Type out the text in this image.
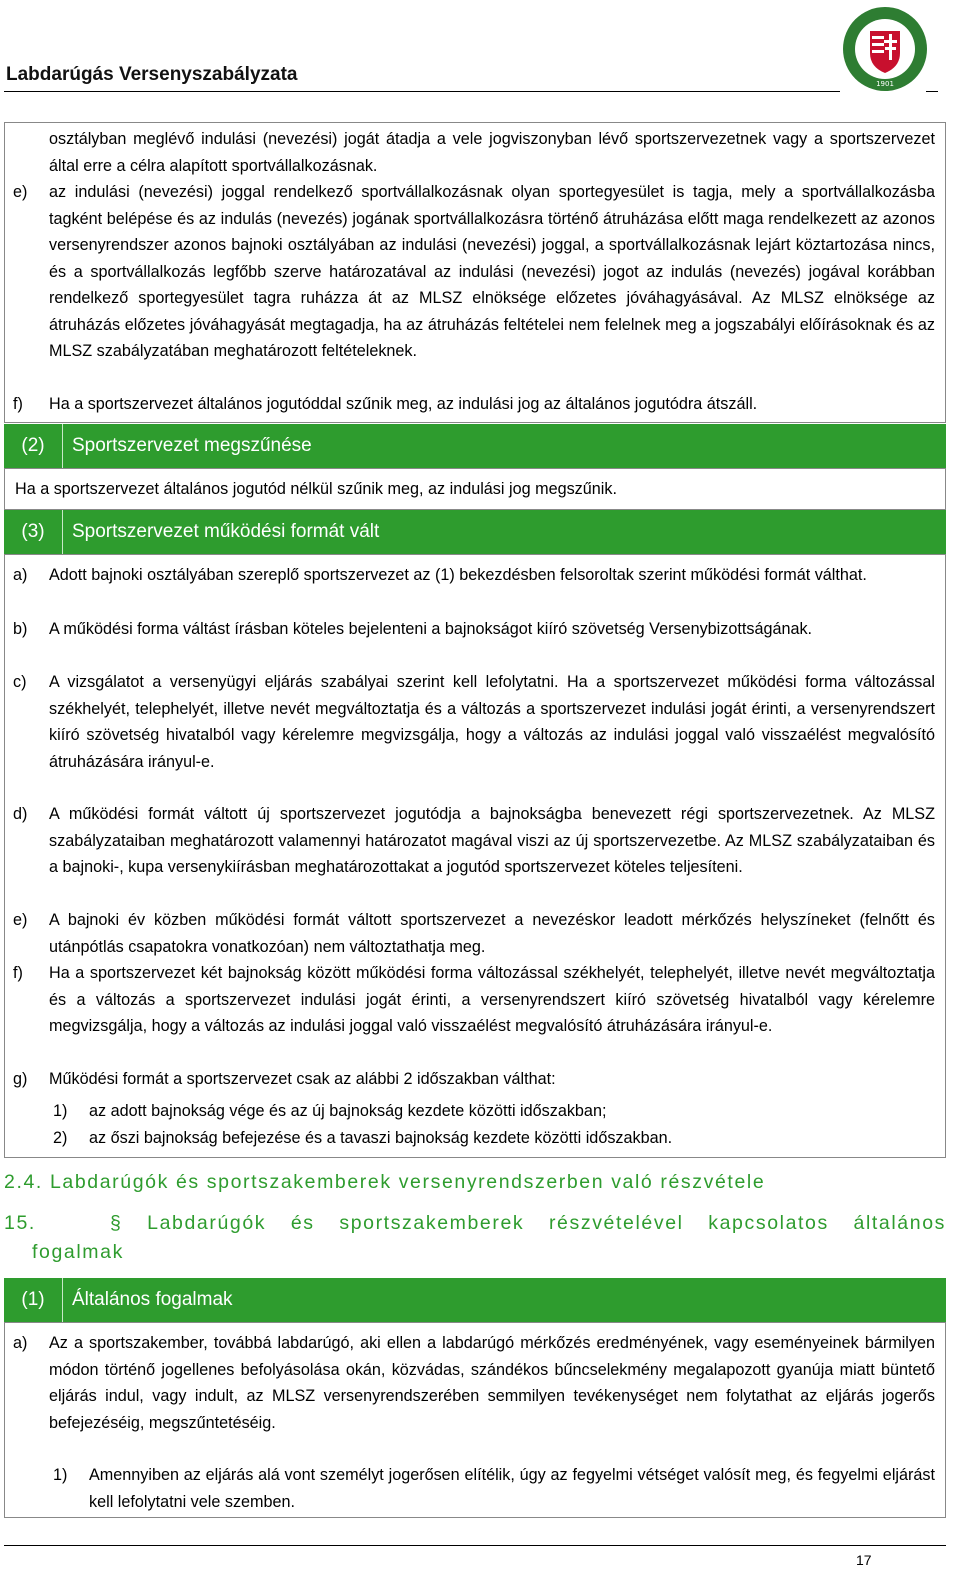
Labdarúgás Versenyszabályzata	1901
osztályban meglévő indulási (nevezési) jogát átadja a vele jogviszonyban lévő sportszervezetnek vagy a sportszervezet által erre a célra alapított sportvállalkozásnak.
e) az indulási (nevezési) joggal rendelkező sportvállalkozásnak olyan sportegyesület is tagja, mely a sportvállalkozásba tagként belépése és az indulás (nevezés) jogának sportvállalkozásra történő átruházása előtt maga rendelkezett az azonos versenyrendszer azonos bajnoki osztályában az indulási (nevezési) joggal, a sportvállalkozásnak lejárt köztartozása nincs, és a sportvállalkozás legfőbb szerve határozatával az indulási (nevezési) jogot az indulás (nevezés) jogával korábban rendelkező sportegyesület tagra ruházza át az MLSZ elnöksége előzetes jóváhagyásával. Az MLSZ elnöksége az átruházás előzetes jóváhagyását megtagadja, ha az átruházás feltételei nem felelnek meg a jogszabályi előírásoknak és az MLSZ szabályzatában meghatározott feltételeknek.
f) Ha a sportszervezet általános jogutóddal szűnik meg, az indulási jog az általános jogutódra átszáll.
(2)	Sportszervezet megszűnése
Ha a sportszervezet általános jogutód nélkül szűnik meg, az indulási jog megszűnik.
(3)	Sportszervezet működési formát vált
a) Adott bajnoki osztályában szereplő sportszervezet az (1) bekezdésben felsoroltak szerint működési formát válthat.
b) A működési forma váltást írásban köteles bejelenteni a bajnokságot kiíró szövetség Versenybizottságának.
c) A vizsgálatot a versenyügyi eljárás szabályai szerint kell lefolytatni. Ha a sportszervezet működési forma változással székhelyét, telephelyét, illetve nevét megváltoztatja és a változás a sportszervezet indulási jogát érinti, a versenyrendszert kiíró szövetség hivatalból vagy kérelemre megvizsgálja, hogy a változás az indulási joggal való visszaélést megvalósító átruházására irányul-e.
d) A működési formát váltott új sportszervezet jogutódja a bajnokságba benevezett régi sportszervezetnek. Az MLSZ szabályzataiban meghatározott valamennyi határozatot magával viszi az új sportszervezetbe. Az MLSZ szabályzataiban és a bajnoki-, kupa versenykiírásban meghatározottakat a jogutód sportszervezet köteles teljesíteni.
e) A bajnoki év közben működési formát váltott sportszervezet a nevezéskor leadott mérkőzés helyszíneket (felnőtt és utánpótlás csapatokra vonatkozóan) nem változtathatja meg.
f) Ha a sportszervezet két bajnokság között működési forma változással székhelyét, telephelyét, illetve nevét megváltoztatja és a változás a sportszervezet indulási jogát érinti, a versenyrendszert kiíró szövetség hivatalból vagy kérelemre megvizsgálja, hogy a változás az indulási joggal való visszaélést megvalósító átruházására irányul-e.
g) Működési formát a sportszervezet csak az alábbi 2 időszakban válthat:
1) az adott bajnokság vége és az új bajnokság kezdete közötti időszakban;
2) az őszi bajnokság befejezése és a tavaszi bajnokság kezdete közötti időszakban.
2.4. Labdarúgók és sportszakemberek versenyrendszerben való részvétele
15.   § Labdarúgók és sportszakemberek részvételével kapcsolatos általános
fogalmak
(1)	Általános fogalmak
a) Az a sportszakember, továbbá labdarúgó, aki ellen a labdarúgó mérkőzés eredményének, vagy eseményeinek bármilyen módon történő jogellenes befolyásolása okán, közvádas, szándékos bűncselekmény megalapozott gyanúja miatt büntető eljárás indul, vagy indult, az MLSZ versenyrendszerében semmilyen tevékenységet nem folytathat az eljárás jogerős befejezéséig, megszűntetéséig.
1) Amennyiben az eljárás alá vont személyt jogerősen elítélik, úgy az fegyelmi vétséget valósít meg, és fegyelmi eljárást kell lefolytatni vele szemben.
17
